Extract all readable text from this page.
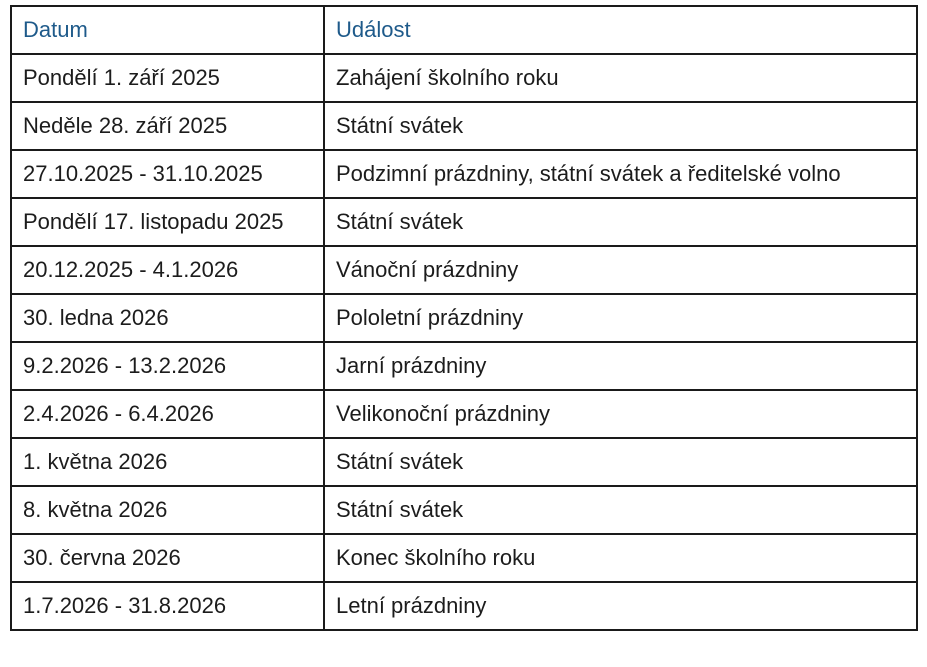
Datum	Událost
Pondělí 1. září 2025	Zahájení školního roku
Neděle 28. září 2025	Státní svátek
27.10.2025 - 31.10.2025	Podzimní prázdniny, státní svátek a ředitelské volno
Pondělí 17. listopadu 2025	Státní svátek
20.12.2025 - 4.1.2026	Vánoční prázdniny
30. ledna 2026	Pololetní prázdniny
9.2.2026 - 13.2.2026	Jarní prázdniny
2.4.2026 - 6.4.2026	Velikonoční prázdniny
1. května 2026	Státní svátek
8. května 2026	Státní svátek
30. června 2026	Konec školního roku
1.7.2026 - 31.8.2026	Letní prázdniny
